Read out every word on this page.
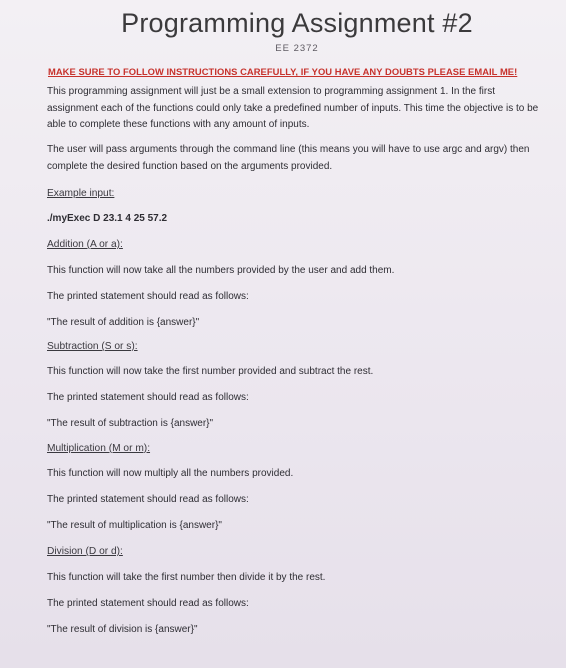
Programming Assignment #2
EE 2372
MAKE SURE TO FOLLOW INSTRUCTIONS CAREFULLY, IF YOU HAVE ANY DOUBTS PLEASE EMAIL ME!
This programming assignment will just be a small extension to programming assignment 1. In the first assignment each of the functions could only take a predefined number of inputs. This time the objective is to be able to complete these functions with any amount of inputs.
The user will pass arguments through the command line (this means you will have to use argc and argv) then complete the desired function based on the arguments provided.
Example input:
./myExec D 23.1 4 25 57.2
Addition (A or a):
This function will now take all the numbers provided by the user and add them.
The printed statement should read as follows:
"The result of addition is {answer}"
Subtraction (S or s):
This function will now take the first number provided and subtract the rest.
The printed statement should read as follows:
"The result of subtraction is {answer}"
Multiplication (M or m):
This function will now multiply all the numbers provided.
The printed statement should read as follows:
"The result of multiplication is {answer}"
Division (D or d):
This function will take the first number then divide it by the rest.
The printed statement should read as follows:
"The result of division is {answer}"
